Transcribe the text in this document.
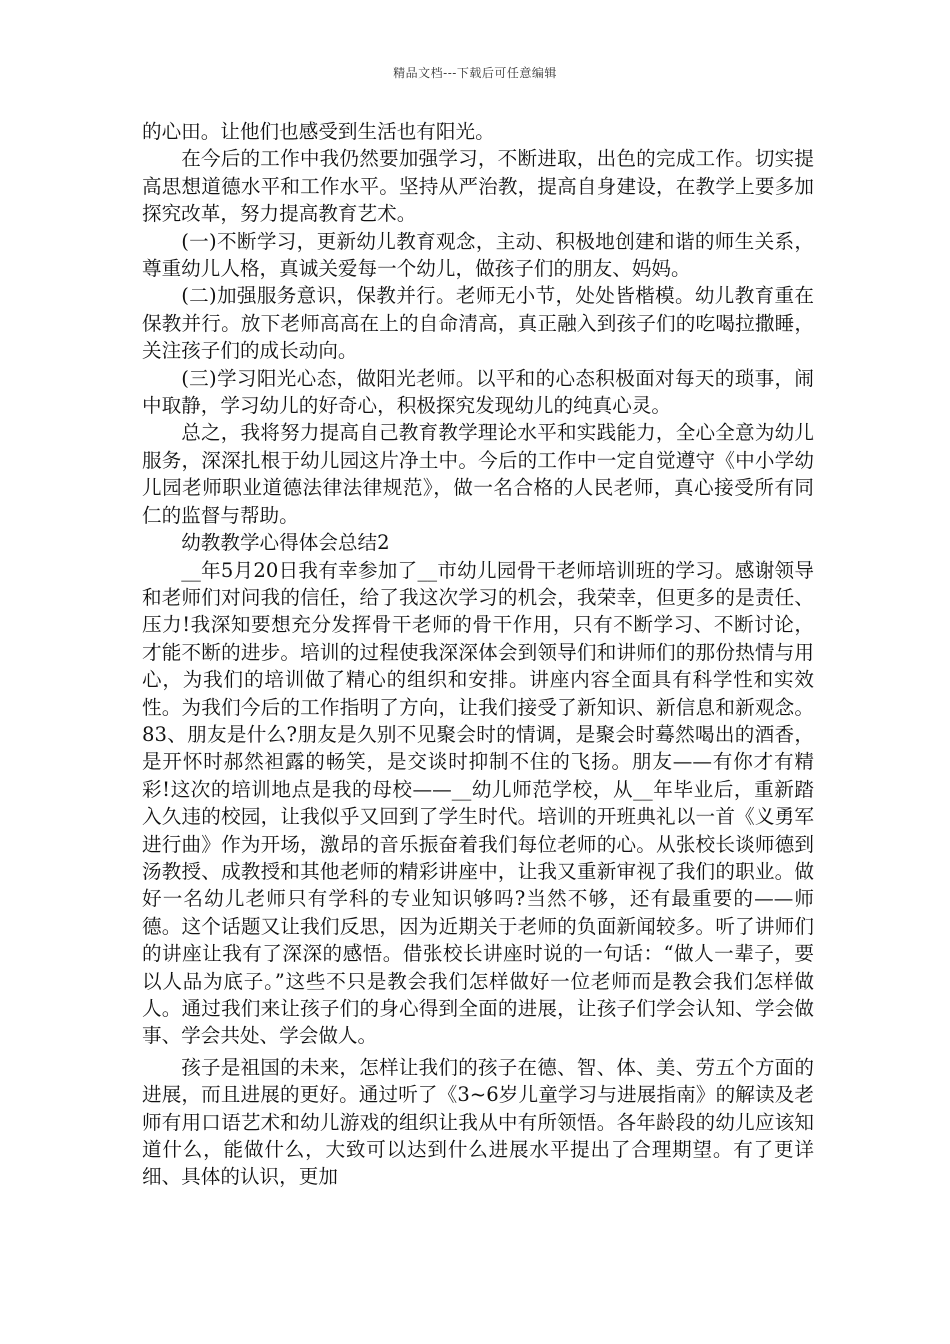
精品文档---下载后可任意编辑

的心田。让他们也感受到生活也有阳光。

在今后的工作中我仍然要加强学习，不断进取，出色的完成工作。切实提高思想道德水平和工作水平。坚持从严治教，提高自身建设，在教学上要多加探究改革，努力提高教育艺术。

(一)不断学习，更新幼儿教育观念，主动、积极地创建和谐的师生关系，尊重幼儿人格，真诚关爱每一个幼儿，做孩子们的朋友、妈妈。

(二)加强服务意识，保教并行。老师无小节，处处皆楷模。幼儿教育重在保教并行。放下老师高高在上的自命清高，真正融入到孩子们的吃喝拉撒睡，关注孩子们的成长动向。

(三)学习阳光心态，做阳光老师。以平和的心态积极面对每天的琐事，闹中取静，学习幼儿的好奇心，积极探究发现幼儿的纯真心灵。

总之，我将努力提高自己教育教学理论水平和实践能力，全心全意为幼儿服务，深深扎根于幼儿园这片净土中。今后的工作中一定自觉遵守《中小学幼儿园老师职业道德法律法律规范》，做一名合格的人民老师，真心接受所有同仁的监督与帮助。

幼教教学心得体会总结2

__年5月20日我有幸参加了__市幼儿园骨干老师培训班的学习。感谢领导和老师们对问我的信任，给了我这次学习的机会，我荣幸，但更多的是责任、压力!我深知要想充分发挥骨干老师的骨干作用，只有不断学习、不断讨论，才能不断的进步。培训的过程使我深深体会到领导们和讲师们的那份热情与用心，为我们的培训做了精心的组织和安排。讲座内容全面具有科学性和实效性。为我们今后的工作指明了方向，让我们接受了新知识、新信息和新观念。83、朋友是什么?朋友是久别不见聚会时的情调，是聚会时蓦然喝出的酒香，是开怀时郝然袒露的畅笑，是交谈时抑制不住的飞扬。朋友——有你才有精彩!这次的培训地点是我的母校——__幼儿师范学校，从__年毕业后，重新踏入久违的校园，让我似乎又回到了学生时代。培训的开班典礼以一首《义勇军进行曲》作为开场，激昂的音乐振奋着我们每位老师的心。从张校长谈师德到汤教授、成教授和其他老师的精彩讲座中，让我又重新审视了我们的职业。做好一名幼儿老师只有学科的专业知识够吗?当然不够，还有最重要的——师德。这个话题又让我们反思，因为近期关于老师的负面新闻较多。听了讲师们的讲座让我有了深深的感悟。借张校长讲座时说的一句话：“做人一辈子，要以人品为底子。”这些不只是教会我们怎样做好一位老师而是教会我们怎样做人。通过我们来让孩子们的身心得到全面的进展，让孩子们学会认知、学会做事、学会共处、学会做人。

孩子是祖国的未来，怎样让我们的孩子在德、智、体、美、劳五个方面的进展，而且进展的更好。通过听了《3~6岁儿童学习与进展指南》的解读及老师有用口语艺术和幼儿游戏的组织让我从中有所领悟。各年龄段的幼儿应该知道什么，能做什么，大致可以达到什么进展水平提出了合理期望。有了更详细、具体的认识，更加
